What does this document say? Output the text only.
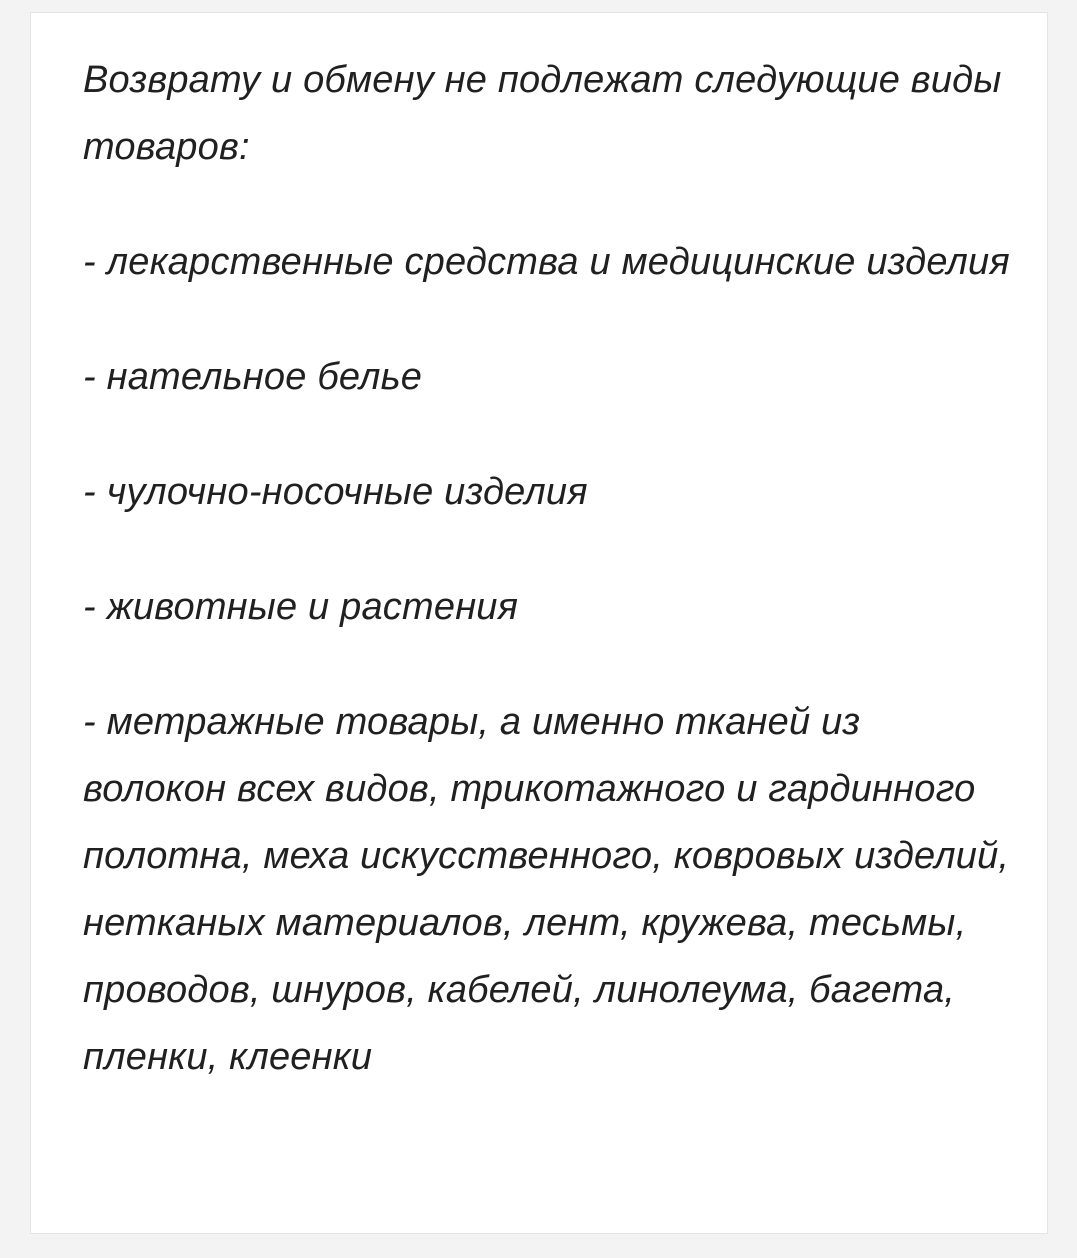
Возврату и обмену не подлежат следующие виды товаров:

- лекарственные средства и медицинские изделия

- нательное белье

- чулочно-носочные изделия

- животные и растения

- метражные товары, а именно тканей из волокон всех видов, трикотажного и гардинного полотна, меха искусственного, ковровых изделий, нетканых материалов, лент, кружева, тесьмы, проводов, шнуров, кабелей, линолеума, багета, пленки, клеенки
